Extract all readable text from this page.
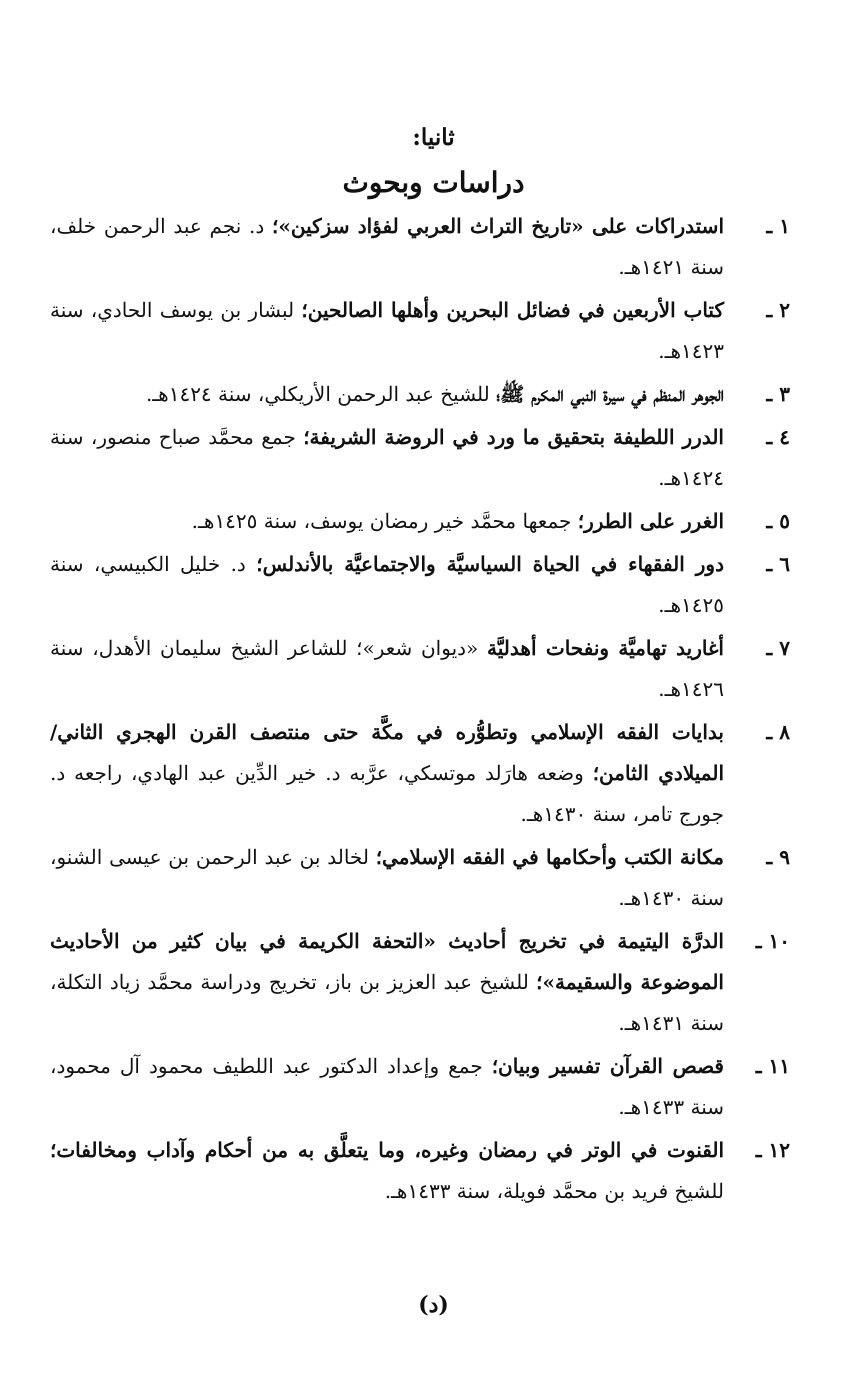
ثانيا:

دراسات وبحوث
١ ـ
استدراكات على «تاريخ التراث العربي لفؤاد سزكين»؛ د. نجم عبد الرحمن خلف، سنة ١٤٢١هـ.
٢ ـ
كتاب الأربعين في فضائل البحرين وأهلها الصالحين؛ لبشار بن يوسف الحادي، سنة ١٤٢٣هـ.
٣ ـ
الجوهر المنظم في سيرة النبي المكرم ﷺ؛ للشيخ عبد الرحمن الأريكلي، سنة ١٤٢٤هـ.
٤ ـ
الدرر اللطيفة بتحقيق ما ورد في الروضة الشريفة؛ جمع محمَّد صباح منصور، سنة ١٤٢٤هـ.
٥ ـ
الغرر على الطرر؛ جمعها محمَّد خير رمضان يوسف، سنة ١٤٢٥هـ.
٦ ـ
دور الفقهاء في الحياة السياسيَّة والاجتماعيَّة بالأندلس؛ د. خليل الكبيسي، سنة ١٤٢٥هـ.
٧ ـ
أغاريد تهاميَّة ونفحات أهدليَّة «ديوان شعر»؛ للشاعر الشيخ سليمان الأهدل، سنة ١٤٢٦هـ.
٨ ـ
بدايات الفقه الإسلامي وتطوُّره في مكَّة حتى منتصف القرن الهجري الثاني/ الميلادي الثامن؛ وضعه هارَلد موتسكي، عرَّبه د. خير الدِّين عبد الهادي، راجعه د. جورج تامر، سنة ١٤٣٠هـ.
٩ ـ
مكانة الكتب وأحكامها في الفقه الإسلامي؛ لخالد بن عبد الرحمن بن عيسى الشنو، سنة ١٤٣٠هـ.
١٠ ـ
الدرَّة اليتيمة في تخريج أحاديث «التحفة الكريمة في بيان كثير من الأحاديث الموضوعة والسقيمة»؛ للشيخ عبد العزيز بن باز، تخريج ودراسة محمَّد زياد التكلة، سنة ١٤٣١هـ.
١١ ـ
قصص القرآن تفسير وبيان؛ جمع وإعداد الدكتور عبد اللطيف محمود آل محمود، سنة ١٤٣٣هـ.
١٢ ـ
القنوت في الوتر في رمضان وغيره، وما يتعلَّق به من أحكام وآداب ومخالفات؛ للشيخ فريد بن محمَّد فويلة، سنة ١٤٣٣هـ.

(د)
